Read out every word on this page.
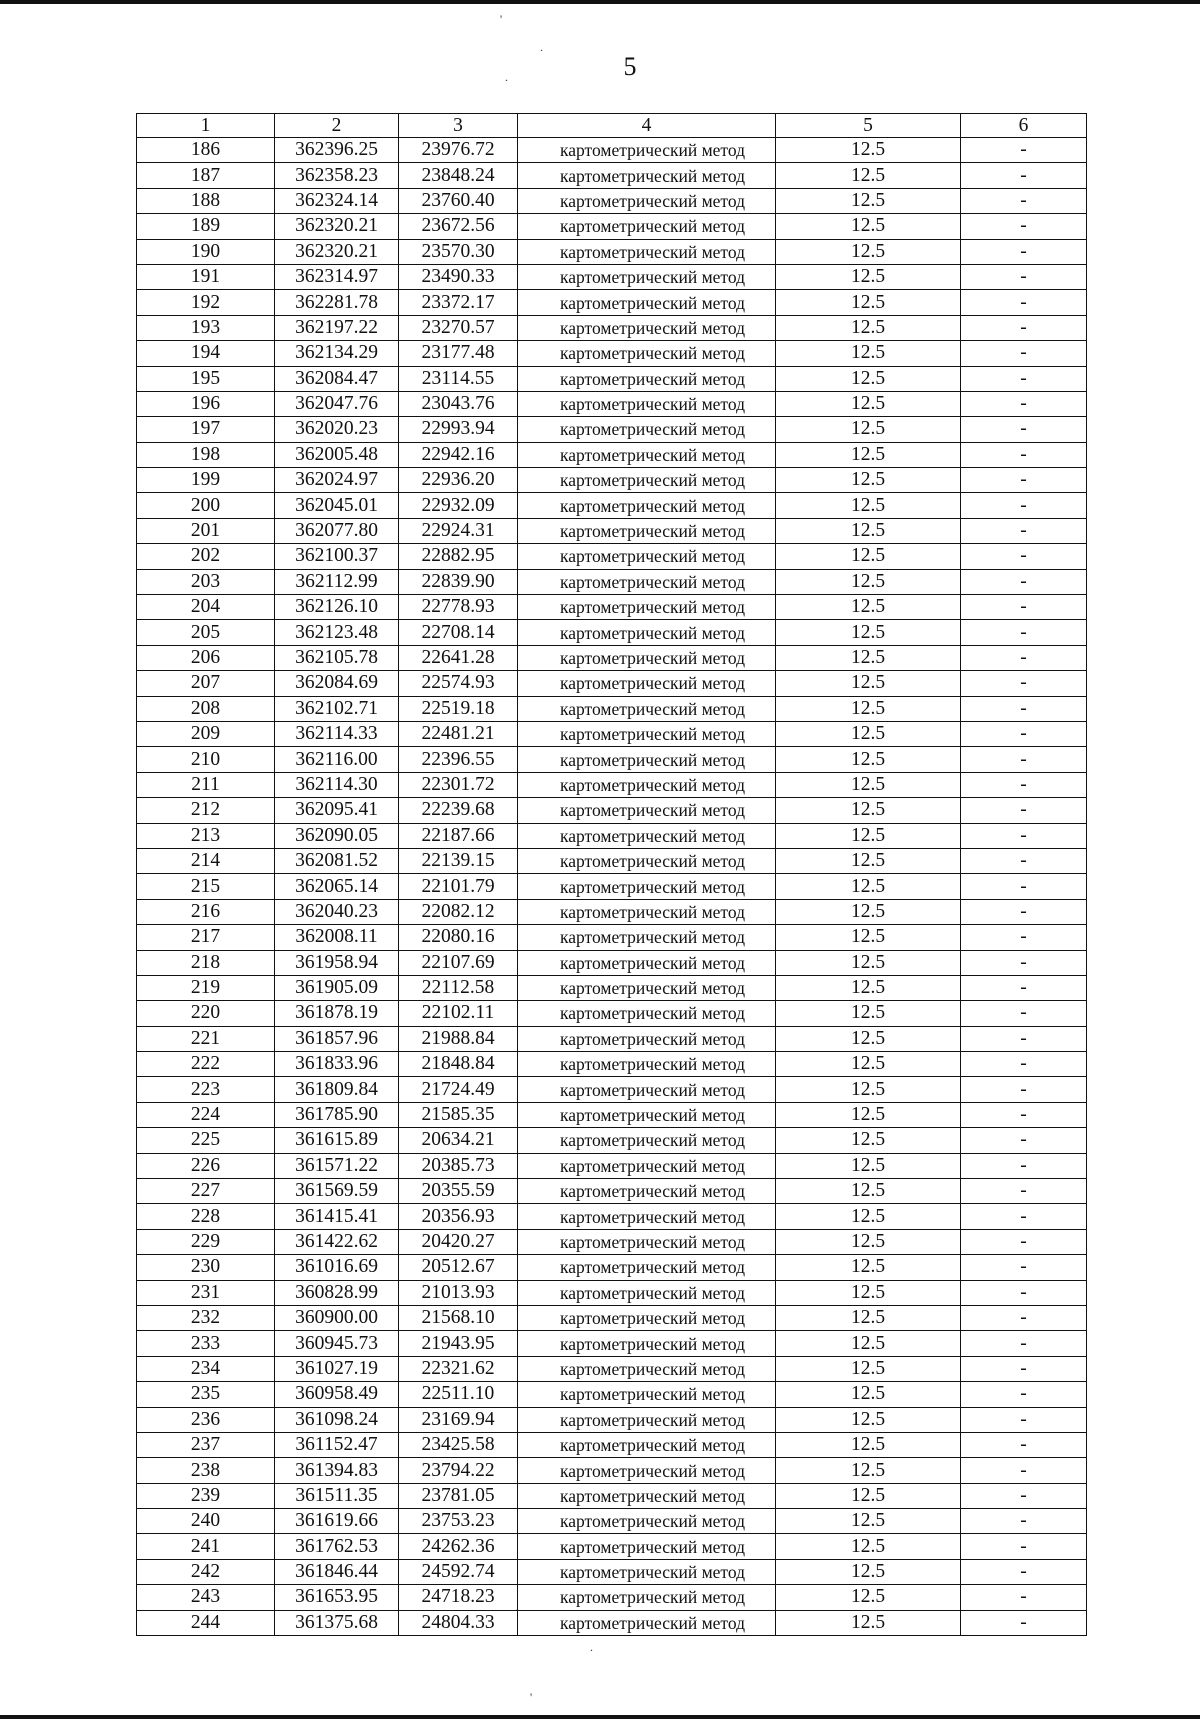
5
'
.
.
.
.
'
1	2	3	4	5	6
186	362396.25	23976.72	картометрический метод	12.5	-
187	362358.23	23848.24	картометрический метод	12.5	-
188	362324.14	23760.40	картометрический метод	12.5	-
189	362320.21	23672.56	картометрический метод	12.5	-
190	362320.21	23570.30	картометрический метод	12.5	-
191	362314.97	23490.33	картометрический метод	12.5	-
192	362281.78	23372.17	картометрический метод	12.5	-
193	362197.22	23270.57	картометрический метод	12.5	-
194	362134.29	23177.48	картометрический метод	12.5	-
195	362084.47	23114.55	картометрический метод	12.5	-
196	362047.76	23043.76	картометрический метод	12.5	-
197	362020.23	22993.94	картометрический метод	12.5	-
198	362005.48	22942.16	картометрический метод	12.5	-
199	362024.97	22936.20	картометрический метод	12.5	-
200	362045.01	22932.09	картометрический метод	12.5	-
201	362077.80	22924.31	картометрический метод	12.5	-
202	362100.37	22882.95	картометрический метод	12.5	-
203	362112.99	22839.90	картометрический метод	12.5	-
204	362126.10	22778.93	картометрический метод	12.5	-
205	362123.48	22708.14	картометрический метод	12.5	-
206	362105.78	22641.28	картометрический метод	12.5	-
207	362084.69	22574.93	картометрический метод	12.5	-
208	362102.71	22519.18	картометрический метод	12.5	-
209	362114.33	22481.21	картометрический метод	12.5	-
210	362116.00	22396.55	картометрический метод	12.5	-
211	362114.30	22301.72	картометрический метод	12.5	-
212	362095.41	22239.68	картометрический метод	12.5	-
213	362090.05	22187.66	картометрический метод	12.5	-
214	362081.52	22139.15	картометрический метод	12.5	-
215	362065.14	22101.79	картометрический метод	12.5	-
216	362040.23	22082.12	картометрический метод	12.5	-
217	362008.11	22080.16	картометрический метод	12.5	-
218	361958.94	22107.69	картометрический метод	12.5	-
219	361905.09	22112.58	картометрический метод	12.5	-
220	361878.19	22102.11	картометрический метод	12.5	-
221	361857.96	21988.84	картометрический метод	12.5	-
222	361833.96	21848.84	картометрический метод	12.5	-
223	361809.84	21724.49	картометрический метод	12.5	-
224	361785.90	21585.35	картометрический метод	12.5	-
225	361615.89	20634.21	картометрический метод	12.5	-
226	361571.22	20385.73	картометрический метод	12.5	-
227	361569.59	20355.59	картометрический метод	12.5	-
228	361415.41	20356.93	картометрический метод	12.5	-
229	361422.62	20420.27	картометрический метод	12.5	-
230	361016.69	20512.67	картометрический метод	12.5	-
231	360828.99	21013.93	картометрический метод	12.5	-
232	360900.00	21568.10	картометрический метод	12.5	-
233	360945.73	21943.95	картометрический метод	12.5	-
234	361027.19	22321.62	картометрический метод	12.5	-
235	360958.49	22511.10	картометрический метод	12.5	-
236	361098.24	23169.94	картометрический метод	12.5	-
237	361152.47	23425.58	картометрический метод	12.5	-
238	361394.83	23794.22	картометрический метод	12.5	-
239	361511.35	23781.05	картометрический метод	12.5	-
240	361619.66	23753.23	картометрический метод	12.5	-
241	361762.53	24262.36	картометрический метод	12.5	-
242	361846.44	24592.74	картометрический метод	12.5	-
243	361653.95	24718.23	картометрический метод	12.5	-
244	361375.68	24804.33	картометрический метод	12.5	-
